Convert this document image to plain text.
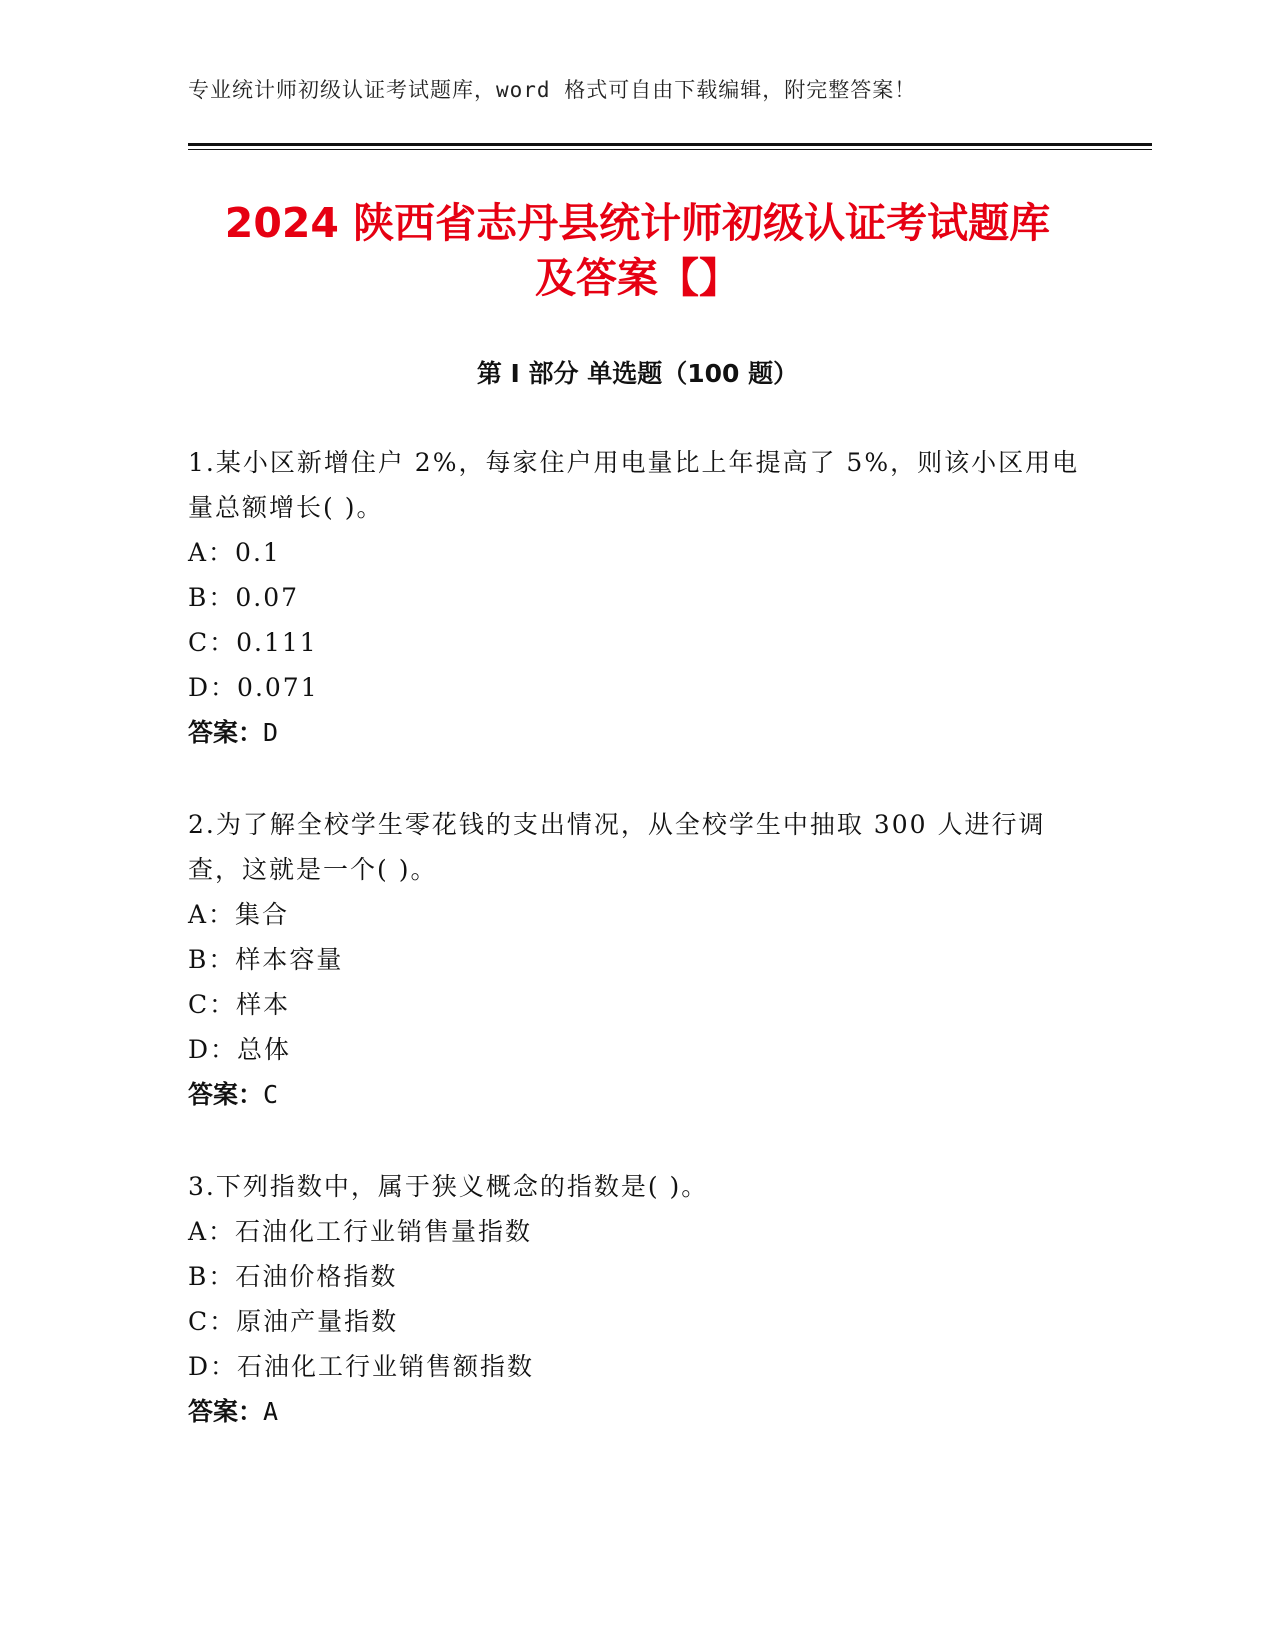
专业统计师初级认证考试题库，word 格式可自由下载编辑，附完整答案！
2024 陕西省志丹县统计师初级认证考试题库
及答案【】
第 I 部分 单选题（100 题）
1.某小区新增住户 2%，每家住户用电量比上年提高了 5%，则该小区用电量总额增长( )。
A：0.1
B：0.07
C：0.111
D：0.071
答案：D
2.为了解全校学生零花钱的支出情况，从全校学生中抽取 300 人进行调查，这就是一个( )。
A：集合
B：样本容量
C：样本
D：总体
答案：C
3.下列指数中，属于狭义概念的指数是( )。
A：石油化工行业销售量指数
B：石油价格指数
C：原油产量指数
D：石油化工行业销售额指数
答案：A
